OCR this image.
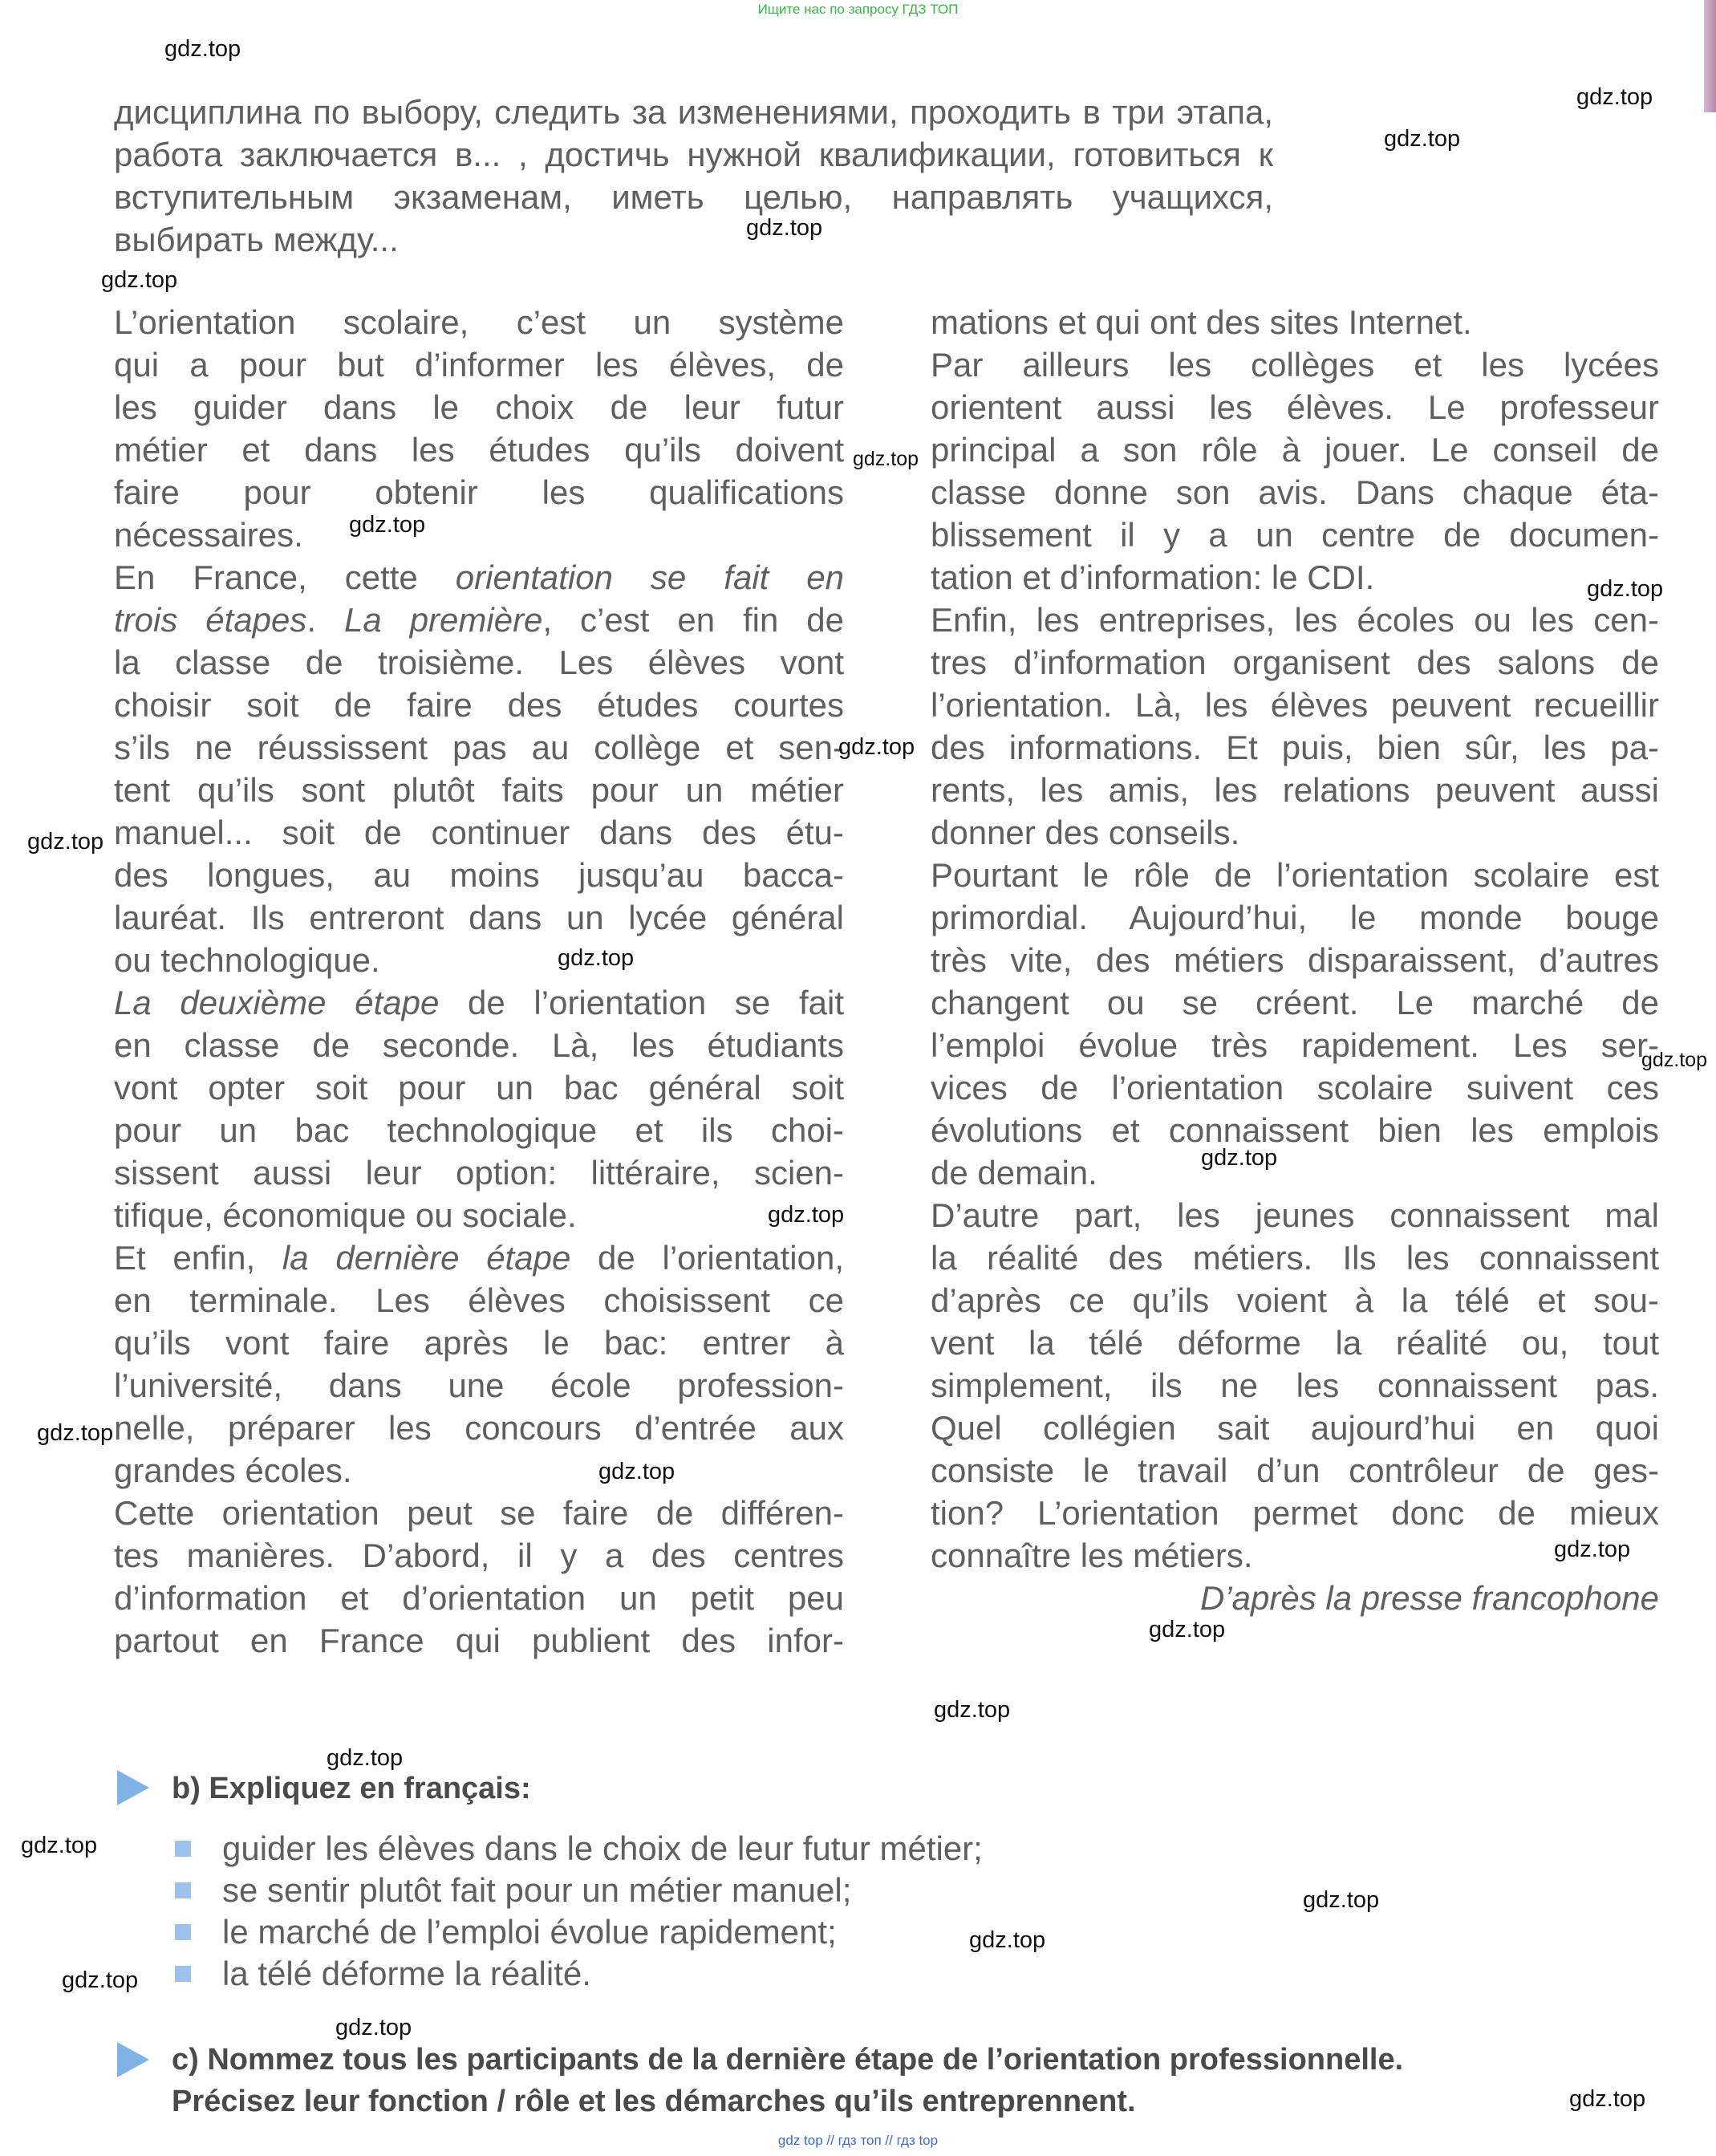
Ищите нас по запросу ГДЗ ТОП
дисциплина по выбору, следить за изменениями, проходить в три этапа, работа заключается в... , достичь нужной квалификации, готовиться к вступительным экзаменам, иметь целью, направлять учащихся, выбирать между...
L’orientation scolaire, c’est un système
qui a pour but d’informer les élèves, de
les guider dans le choix de leur futur
métier et dans les études qu’ils doivent
faire pour obtenir les qualifications
nécessaires.
En France, cette orientation se fait en
trois étapes. La première, c’est en fin de
la classe de troisième. Les élèves vont
choisir soit de faire des études courtes
s’ils ne réussissent pas au collège et sen-
tent qu’ils sont plutôt faits pour un métier
manuel... soit de continuer dans des étu-
des longues, au moins jusqu’au bacca-
lauréat. Ils entreront dans un lycée général
ou technologique.
La deuxième étape de l’orientation se fait
en classe de seconde. Là, les étudiants
vont opter soit pour un bac général soit
pour un bac technologique et ils choi-
sissent aussi leur option: littéraire, scien-
tifique, économique ou sociale.
Et enfin, la dernière étape de l’orientation,
en terminale. Les élèves choisissent ce
qu’ils vont faire après le bac: entrer à
l’université, dans une école profession-
nelle, préparer les concours d’entrée aux
grandes écoles.
Cette orientation peut se faire de différen-
tes manières. D’abord, il y a des centres
d’information et d’orientation un petit peu
partout en France qui publient des infor-
mations et qui ont des sites Internet.
Par ailleurs les collèges et les lycées
orientent aussi les élèves. Le professeur
principal a son rôle à jouer. Le conseil de
classe donne son avis. Dans chaque éta-
blissement il y a un centre de documen-
tation et d’information: le CDI.
Enfin, les entreprises, les écoles ou les cen-
tres d’information organisent des salons de
l’orientation. Là, les élèves peuvent recueillir
des informations. Et puis, bien sûr, les pa-
rents, les amis, les relations peuvent aussi
donner des conseils.
Pourtant le rôle de l’orientation scolaire est
primordial. Aujourd’hui, le monde bouge
très vite, des métiers disparaissent, d’autres
changent ou se créent. Le marché de
l’emploi évolue très rapidement. Les ser-
vices de l’orientation scolaire suivent ces
évolutions et connaissent bien les emplois
de demain.
D’autre part, les jeunes connaissent mal
la réalité des métiers. Ils les connaissent
d’après ce qu’ils voient à la télé et sou-
vent la télé déforme la réalité ou, tout
simplement, ils ne les connaissent pas.
Quel collégien sait aujourd’hui en quoi
consiste le travail d’un contrôleur de ges-
tion? L’orientation permet donc de mieux
connaître les métiers.
D’après la presse francophone
b) Expliquez en français:
guider les élèves dans le choix de leur futur métier;
se sentir plutôt fait pour un métier manuel;
le marché de l’emploi évolue rapidement;
la télé déforme la réalité.
c) Nommez tous les participants de la dernière étape de l’orientation professionnelle.
Précisez leur fonction / rôle et les démarches qu’ils entreprennent.
gdz.top
gdz.top
gdz.top
gdz.top
gdz.top
gdz.top
gdz.top
gdz.top
gdz.top
gdz.top
gdz.top
gdz.top
gdz.top
gdz.top
gdz.top
gdz.top
gdz.top
gdz.top
gdz.top
gdz.top
gdz.top
gdz.top
gdz.top
gdz.top
gdz.top
gdz.top
gdz top // гдз топ // гдз top
